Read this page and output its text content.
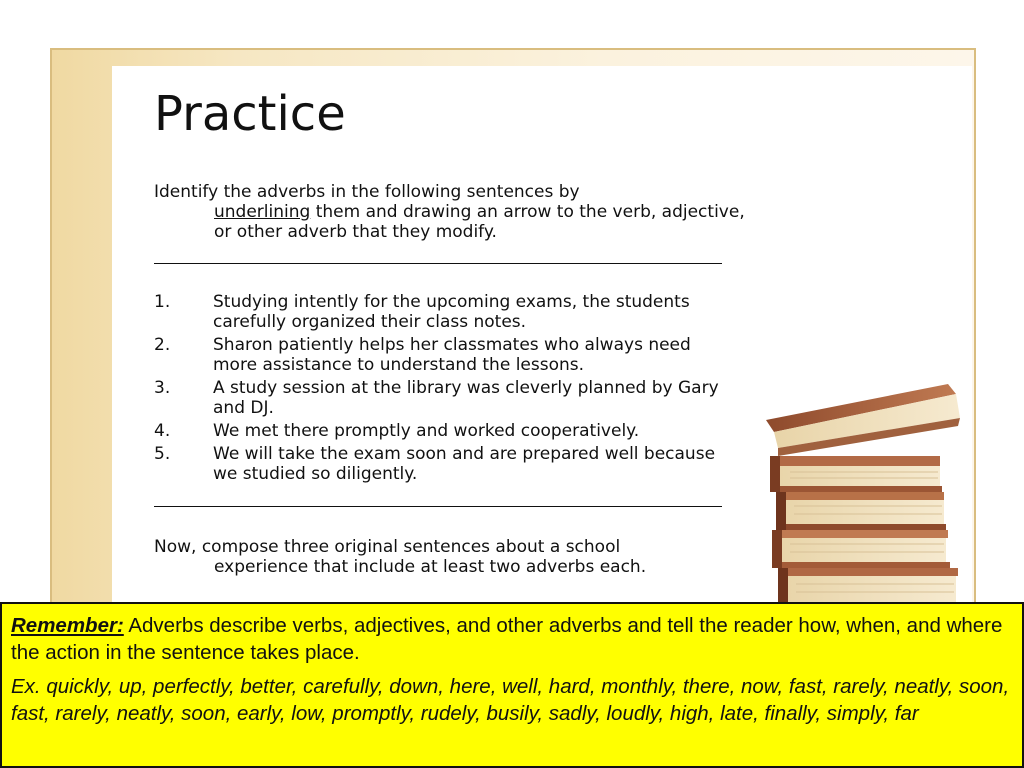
Practice
Identify the adverbs in the following sentences by
underlining them and drawing an arrow to the verb, adjective, or other adverb that they modify.
1.	Studying intently for the upcoming exams, the students carefully organized their class notes.
2.	Sharon patiently helps her classmates who always need more assistance to understand the lessons.
3.	A study session at the library was cleverly planned by Gary and DJ.
4.	We met there promptly and worked cooperatively.
5.	We will take the exam soon and are prepared well because we studied so diligently.
Now, compose three original sentences about a school
experience that include at least two adverbs each.

Remember: Adverbs describe verbs, adjectives, and other adverbs and tell the reader how, when, and where the action in the sentence takes place.

Ex. quickly, up, perfectly, better, carefully, down, here, well, hard, monthly, there, now, fast, rarely, neatly, soon, fast, rarely, neatly, soon, early, low, promptly, rudely, busily, sadly, loudly, high, late, finally, simply, far
